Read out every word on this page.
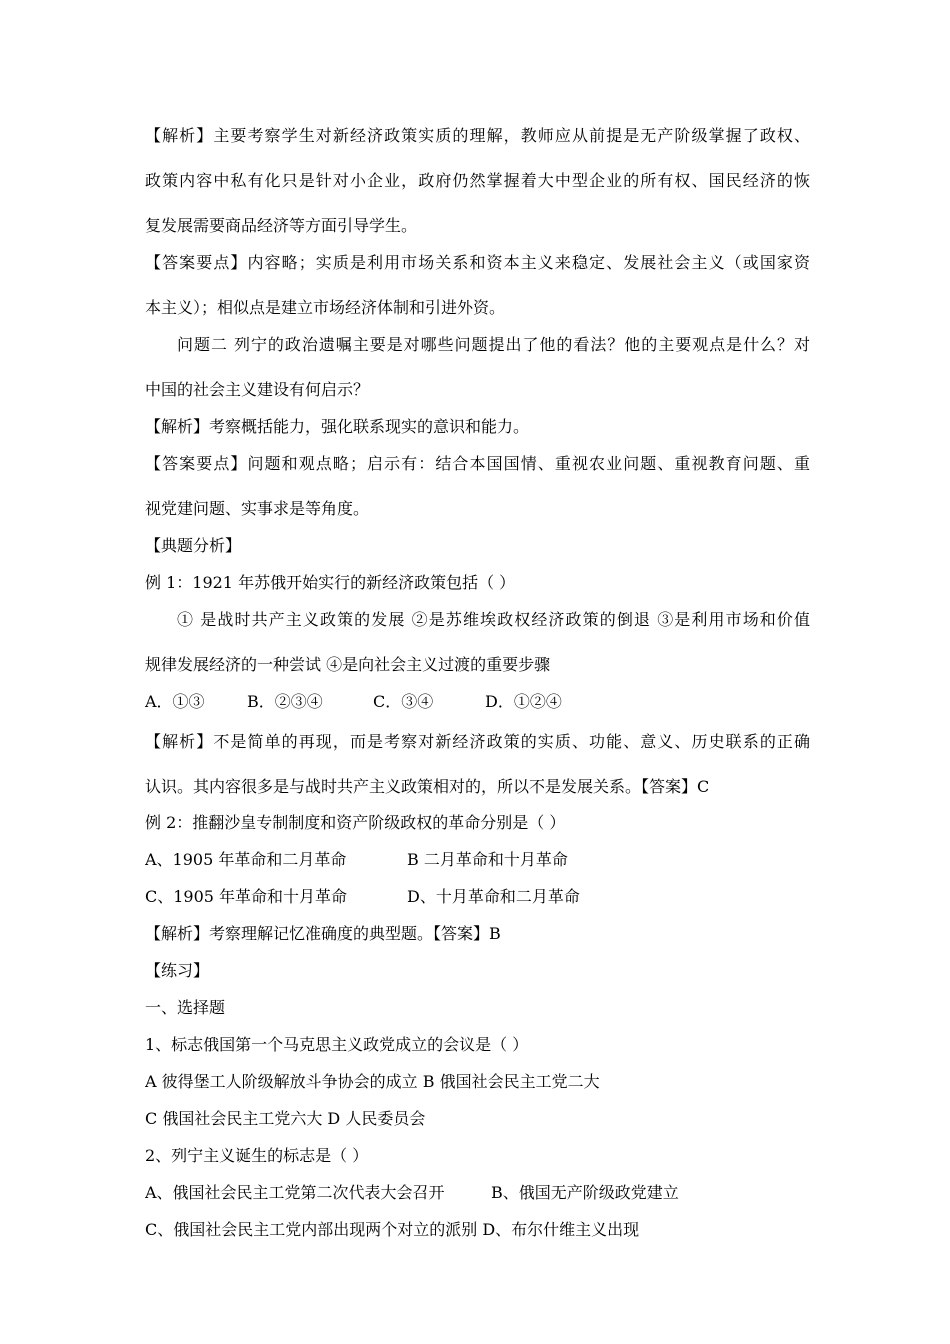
【解析】主要考察学生对新经济政策实质的理解，教师应从前提是无产阶级掌握了政权、

政策内容中私有化只是针对小企业，政府仍然掌握着大中型企业的所有权、国民经济的恢

复发展需要商品经济等方面引导学生。

【答案要点】内容略；实质是利用市场关系和资本主义来稳定、发展社会主义（或国家资

本主义）；相似点是建立市场经济体制和引进外资。

问题二 列宁的政治遗嘱主要是对哪些问题提出了他的看法？他的主要观点是什么？对

中国的社会主义建设有何启示？

【解析】考察概括能力，强化联系现实的意识和能力。

【答案要点】问题和观点略；启示有：结合本国国情、重视农业问题、重视教育问题、重

视党建问题、实事求是等角度。

【典题分析】

例 1：1921 年苏俄开始实行的新经济政策包括（ ）

① 是战时共产主义政策的发展 ②是苏维埃政权经济政策的倒退 ③是利用市场和价值

规律发展经济的一种尝试 ④是向社会主义过渡的重要步骤

A．①③	B．②③④	C．③④	D．①②④

【解析】不是简单的再现，而是考察对新经济政策的实质、功能、意义、历史联系的正确

认识。其内容很多是与战时共产主义政策相对的，所以不是发展关系。【答案】C

例 2：推翻沙皇专制制度和资产阶级政权的革命分别是（ ）

A、1905 年革命和二月革命	B 二月革命和十月革命

C、1905 年革命和十月革命	D、十月革命和二月革命

【解析】考察理解记忆准确度的典型题。【答案】B

【练习】

一、选择题

1、标志俄国第一个马克思主义政党成立的会议是（ ）

A 彼得堡工人阶级解放斗争协会的成立 B 俄国社会民主工党二大

C 俄国社会民主工党六大 D 人民委员会

2、列宁主义诞生的标志是（ ）

A、俄国社会民主工党第二次代表大会召开	B、俄国无产阶级政党建立

C、俄国社会民主工党内部出现两个对立的派别 D、布尔什维主义出现
